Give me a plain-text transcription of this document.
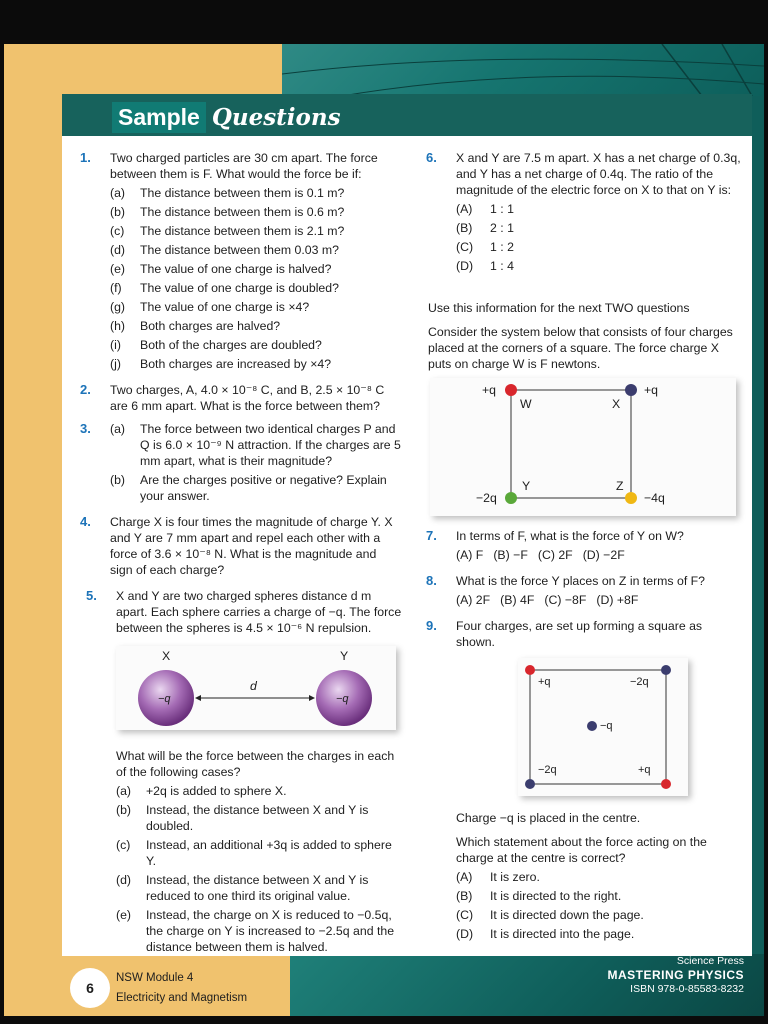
Sample Questions
1. Two charged particles are 30 cm apart. The force between them is F. What would the force be if:
(a) The distance between them is 0.1 m?
(b) The distance between them is 0.6 m?
(c) The distance between them is 2.1 m?
(d) The distance between them 0.03 m?
(e) The value of one charge is halved?
(f) The value of one charge is doubled?
(g) The value of one charge is ×4?
(h) Both charges are halved?
(i) Both of the charges are doubled?
(j) Both charges are increased by ×4?
2. Two charges, A, 4.0 × 10⁻⁸ C, and B, 2.5 × 10⁻⁸ C are 6 mm apart. What is the force between them?
3. (a) The force between two identical charges P and Q is 6.0 × 10⁻⁹ N attraction. If the charges are 5 mm apart, what is their magnitude?
(b) Are the charges positive or negative? Explain your answer.
4. Charge X is four times the magnitude of charge Y. X and Y are 7 mm apart and repel each other with a force of 3.6 × 10⁻⁸ N. What is the magnitude and sign of each charge?
5. X and Y are two charged spheres distance d m apart. Each sphere carries a charge of −q. The force between the spheres is 4.5 × 10⁻⁶ N repulsion.
X	Y
d
−q	−q
What will be the force between the charges in each of the following cases?
(a) +2q is added to sphere X.
(b) Instead, the distance between X and Y is doubled.
(c) Instead, an additional +3q is added to sphere Y.
(d) Instead, the distance between X and Y is reduced to one third its original value.
(e) Instead, the charge on X is reduced to −0.5q, the charge on Y is increased to −2.5q and the distance between them is halved.
6. X and Y are 7.5 m apart. X has a net charge of 0.3q, and Y has a net charge of 0.4q. The ratio of the magnitude of the electric force on X to that on Y is:
(A) 1 : 1
(B) 2 : 1
(C) 1 : 2
(D) 1 : 4
Use this information for the next TWO questions
Consider the system below that consists of four charges placed at the corners of a square. The force charge X puts on charge W is F newtons.
+q
W
+q
X
Y
−2q
Z
−4q
7. In terms of F, what is the force of Y on W?
(A) F (B) −F (C) 2F (D) −2F
8. What is the force Y places on Z in terms of F?
(A) 2F (B) 4F (C) −8F (D) +8F
9. Four charges, are set up forming a square as shown.
+q	−2q
−q
−2q	+q
Charge −q is placed in the centre.
Which statement about the force acting on the charge at the centre is correct?
(A) It is zero.
(B) It is directed to the right.
(C) It is directed down the page.
(D) It is directed into the page.
6
NSW Module 4
Electricity and Magnetism
Science Press
MASTERING PHYSICS
ISBN 978-0-85583-8232
